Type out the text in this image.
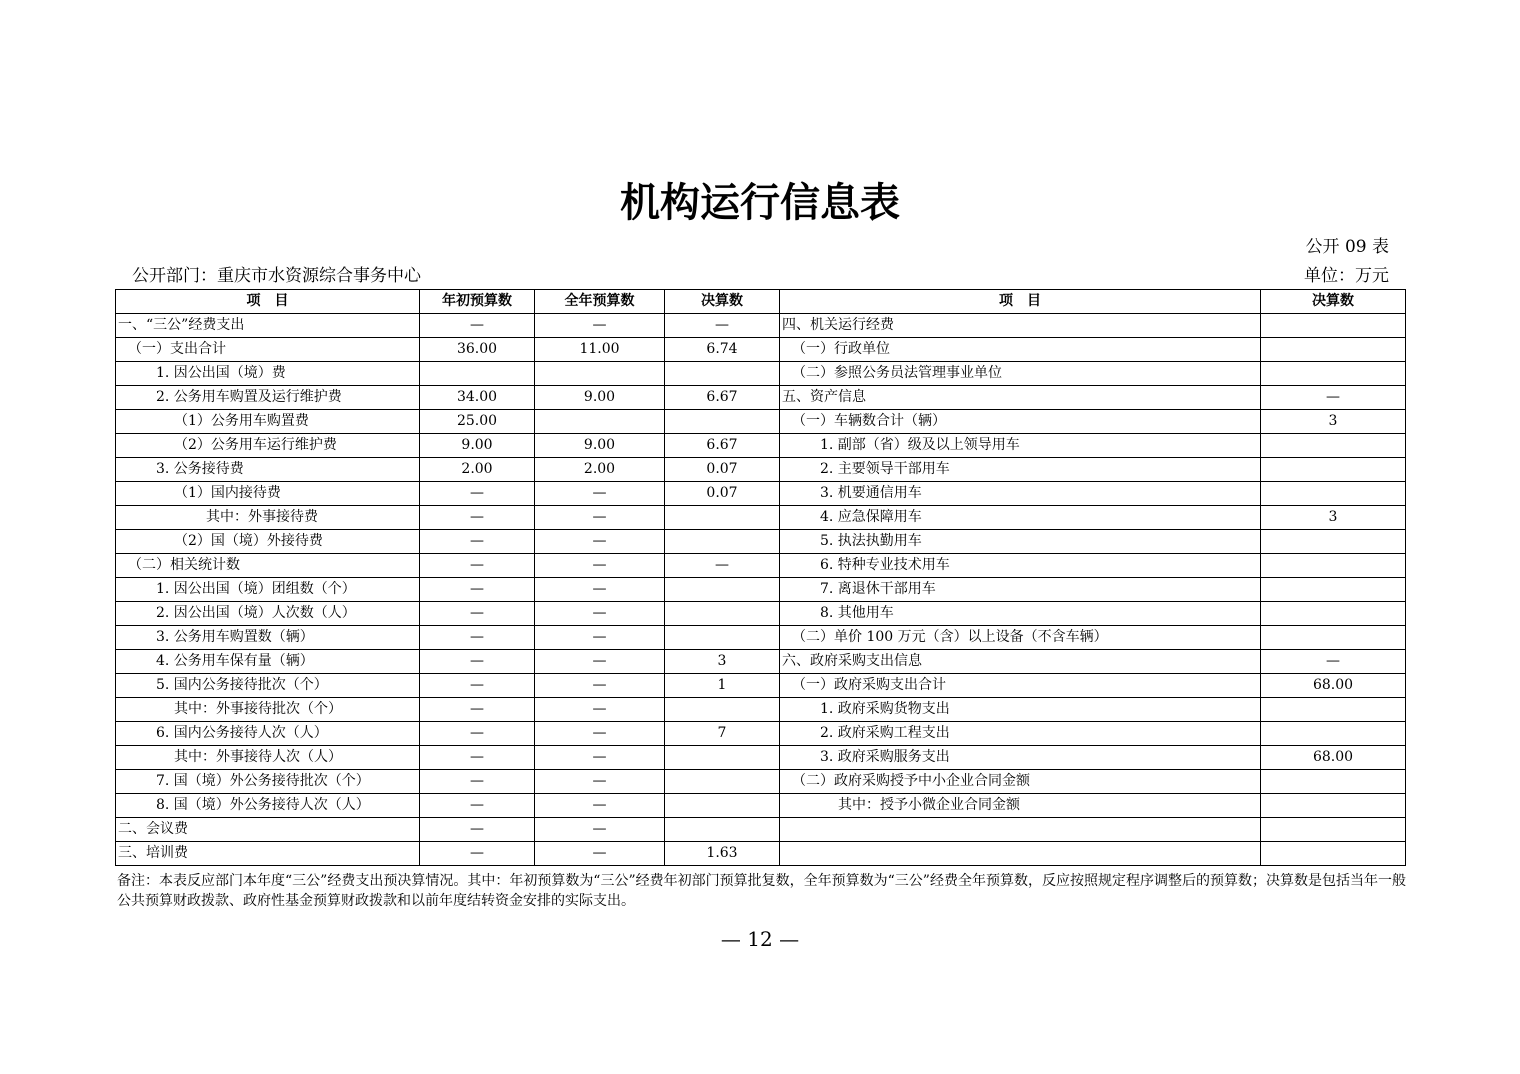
机构运行信息表
公开 09 表
公开部门：重庆市水资源综合事务中心	单位：万元
项　目	年初预算数	全年预算数	决算数	项　目	决算数
一、“三公”经费支出	—	—	—	四、机关运行经费	
（一）支出合计	36.00	11.00	6.74	（一）行政单位	
1. 因公出国（境）费				（二）参照公务员法管理事业单位	
2. 公务用车购置及运行维护费	34.00	9.00	6.67	五、资产信息	—
（1）公务用车购置费	25.00			（一）车辆数合计（辆）	3
（2）公务用车运行维护费	9.00	9.00	6.67	1. 副部（省）级及以上领导用车	
3. 公务接待费	2.00	2.00	0.07	2. 主要领导干部用车	
（1）国内接待费	—	—	0.07	3. 机要通信用车	
其中：外事接待费	—	—		4. 应急保障用车	3
（2）国（境）外接待费	—	—		5. 执法执勤用车	
（二）相关统计数	—	—	—	6. 特种专业技术用车	
1. 因公出国（境）团组数（个）	—	—		7. 离退休干部用车	
2. 因公出国（境）人次数（人）	—	—		8. 其他用车	
3. 公务用车购置数（辆）	—	—		（二）单价 100 万元（含）以上设备（不含车辆）	
4. 公务用车保有量（辆）	—	—	3	六、政府采购支出信息	—
5. 国内公务接待批次（个）	—	—	1	（一）政府采购支出合计	68.00
其中：外事接待批次（个）	—	—		1. 政府采购货物支出	
6. 国内公务接待人次（人）	—	—	7	2. 政府采购工程支出	
其中：外事接待人次（人）	—	—		3. 政府采购服务支出	68.00
7. 国（境）外公务接待批次（个）	—	—		（二）政府采购授予中小企业合同金额	
8. 国（境）外公务接待人次（人）	—	—		其中：授予小微企业合同金额	
二、会议费	—	—			
三、培训费	—	—	1.63		
备注：本表反应部门本年度“三公”经费支出预决算情况。其中：年初预算数为“三公”经费年初部门预算批复数，全年预算数为“三公”经费全年预算数，反应按照规定程序调整后的预算数；决算数是包括当年一般公共预算财政拨款、政府性基金预算财政拨款和以前年度结转资金安排的实际支出。
— 12 —
